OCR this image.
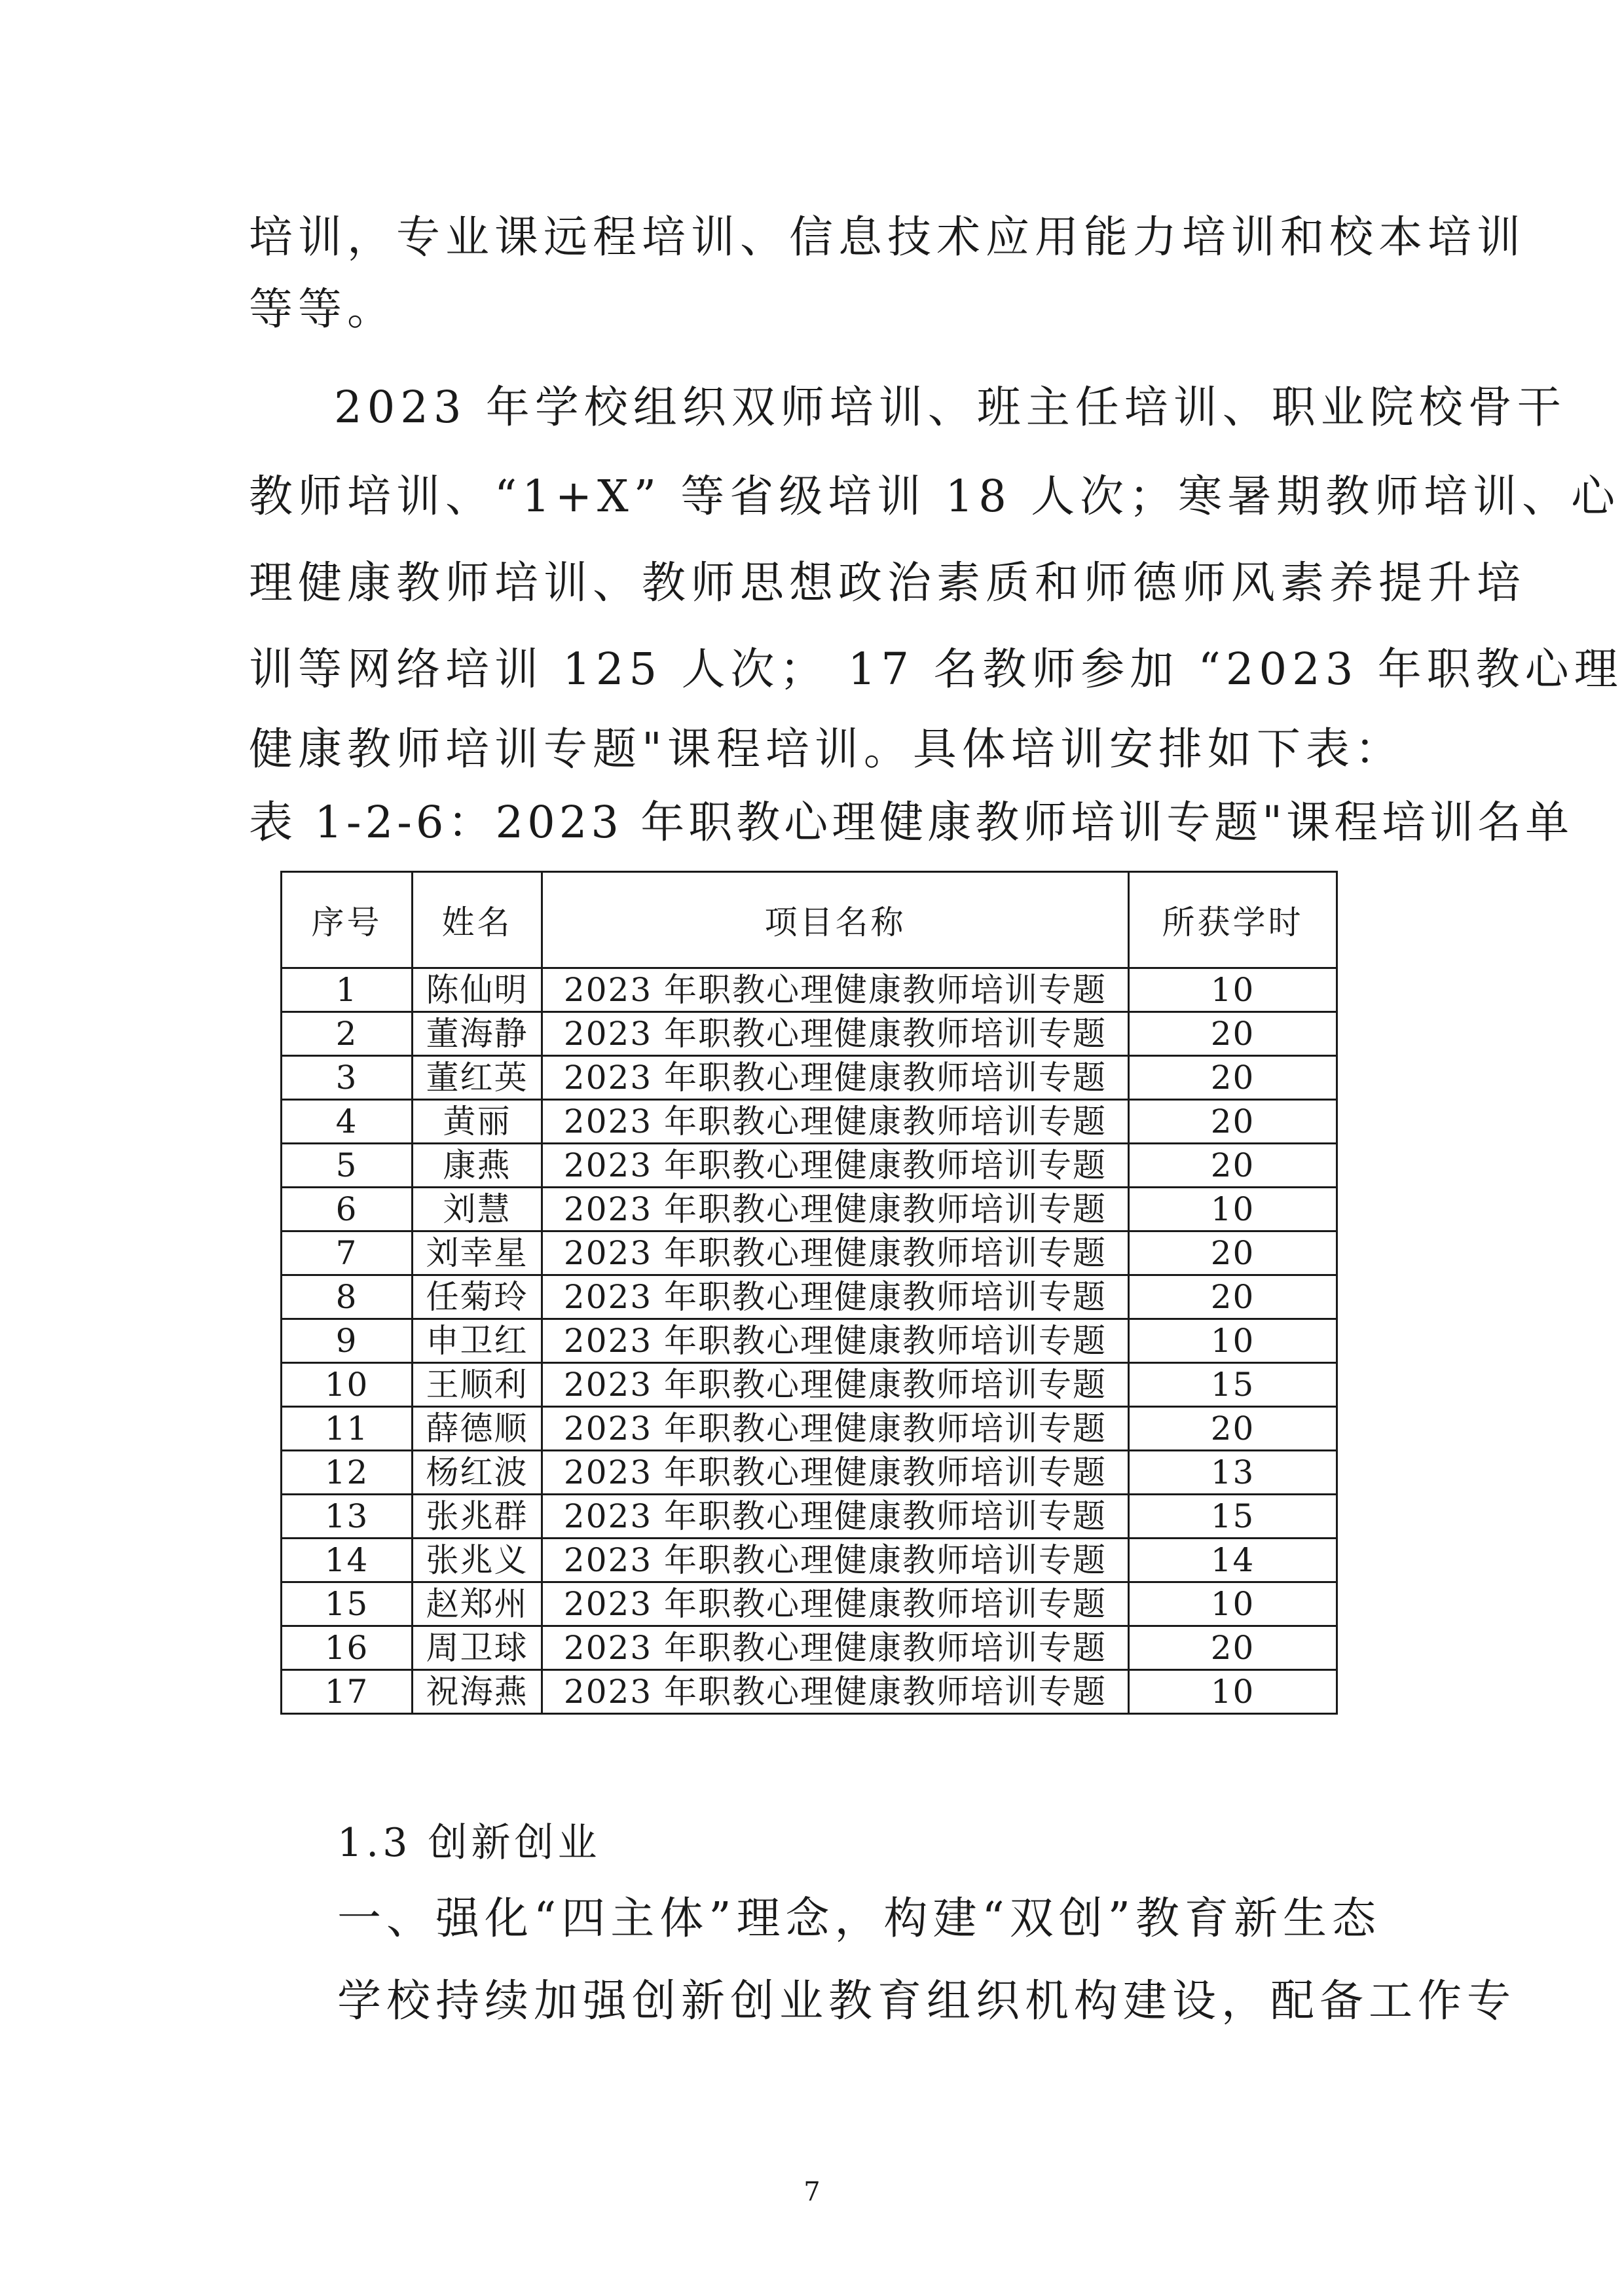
培训，专业课远程培训、信息技术应用能力培训和校本培训
等等。
2023 年学校组织双师培训、班主任培训、职业院校骨干
教师培训、“1+X” 等省级培训 18 人次；寒暑期教师培训、心
理健康教师培训、教师思想政治素质和师德师风素养提升培
训等网络培训 125 人次； 17 名教师参加 “2023 年职教心理
健康教师培训专题"课程培训。具体培训安排如下表：
表 1-2-6：2023 年职教心理健康教师培训专题"课程培训名单
序号	姓名	项目名称	所获学时
1	陈仙明	2023 年职教心理健康教师培训专题	10
2	董海静	2023 年职教心理健康教师培训专题	20
3	董红英	2023 年职教心理健康教师培训专题	20
4	黄丽	2023 年职教心理健康教师培训专题	20
5	康燕	2023 年职教心理健康教师培训专题	20
6	刘慧	2023 年职教心理健康教师培训专题	10
7	刘幸星	2023 年职教心理健康教师培训专题	20
8	任菊玲	2023 年职教心理健康教师培训专题	20
9	申卫红	2023 年职教心理健康教师培训专题	10
10	王顺利	2023 年职教心理健康教师培训专题	15
11	薛德顺	2023 年职教心理健康教师培训专题	20
12	杨红波	2023 年职教心理健康教师培训专题	13
13	张兆群	2023 年职教心理健康教师培训专题	15
14	张兆义	2023 年职教心理健康教师培训专题	14
15	赵郑州	2023 年职教心理健康教师培训专题	10
16	周卫球	2023 年职教心理健康教师培训专题	20
17	祝海燕	2023 年职教心理健康教师培训专题	10
1.3 创新创业
一、强化“四主体”理念，构建“双创”教育新生态
学校持续加强创新创业教育组织机构建设，配备工作专
7
